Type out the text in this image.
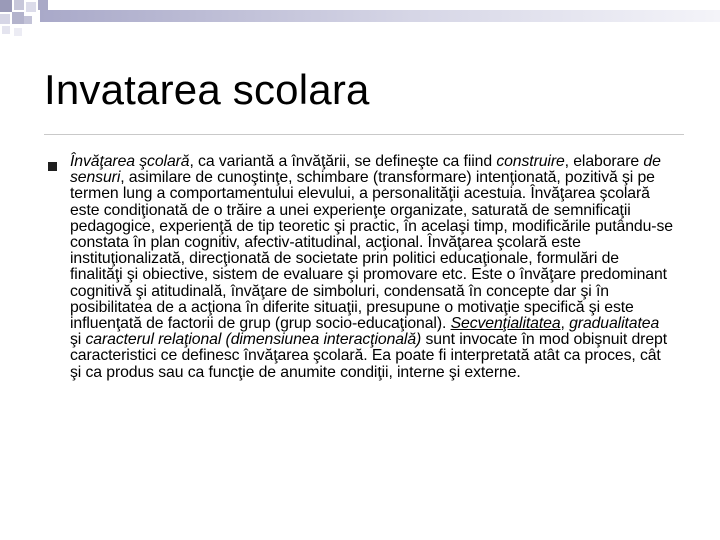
Invatarea scolara

Învăţarea şcolară, ca variantă a învăţării, se defineşte ca fiind construire, elaborare de sensuri, asimilare de cunoştinţe, schimbare (transformare) intenţionată, pozitivă şi pe termen lung a comportamentului elevului, a personalităţii acestuia. Învăţarea şcolară este condiţionată de o trăire a unei experienţe organizate, saturată de semnificaţii pedagogice, experienţă de tip teoretic şi practic, în acelaşi timp, modificările putându-se constata în plan cognitiv, afectiv-atitudinal, acţional. Învăţarea şcolară este instituţionalizată, direcţionată de societate prin politici educaţionale, formulări de finalităţi şi obiective, sistem de evaluare şi promovare etc. Este o învăţare predominant cognitivă şi atitudinală, învăţare de simboluri, condensată în concepte dar şi în posibilitatea de a acţiona în diferite situaţii, presupune o motivaţie specifică şi este influenţată de factorii de grup (grup socio-educaţional). Secvenţialitatea, gradualitatea şi caracterul relaţional (dimensiunea interacţională) sunt invocate în mod obişnuit drept caracteristici ce definesc învăţarea şcolară. Ea poate fi interpretată atât ca proces, cât şi ca produs sau ca funcţie de anumite condiţii, interne şi externe.
